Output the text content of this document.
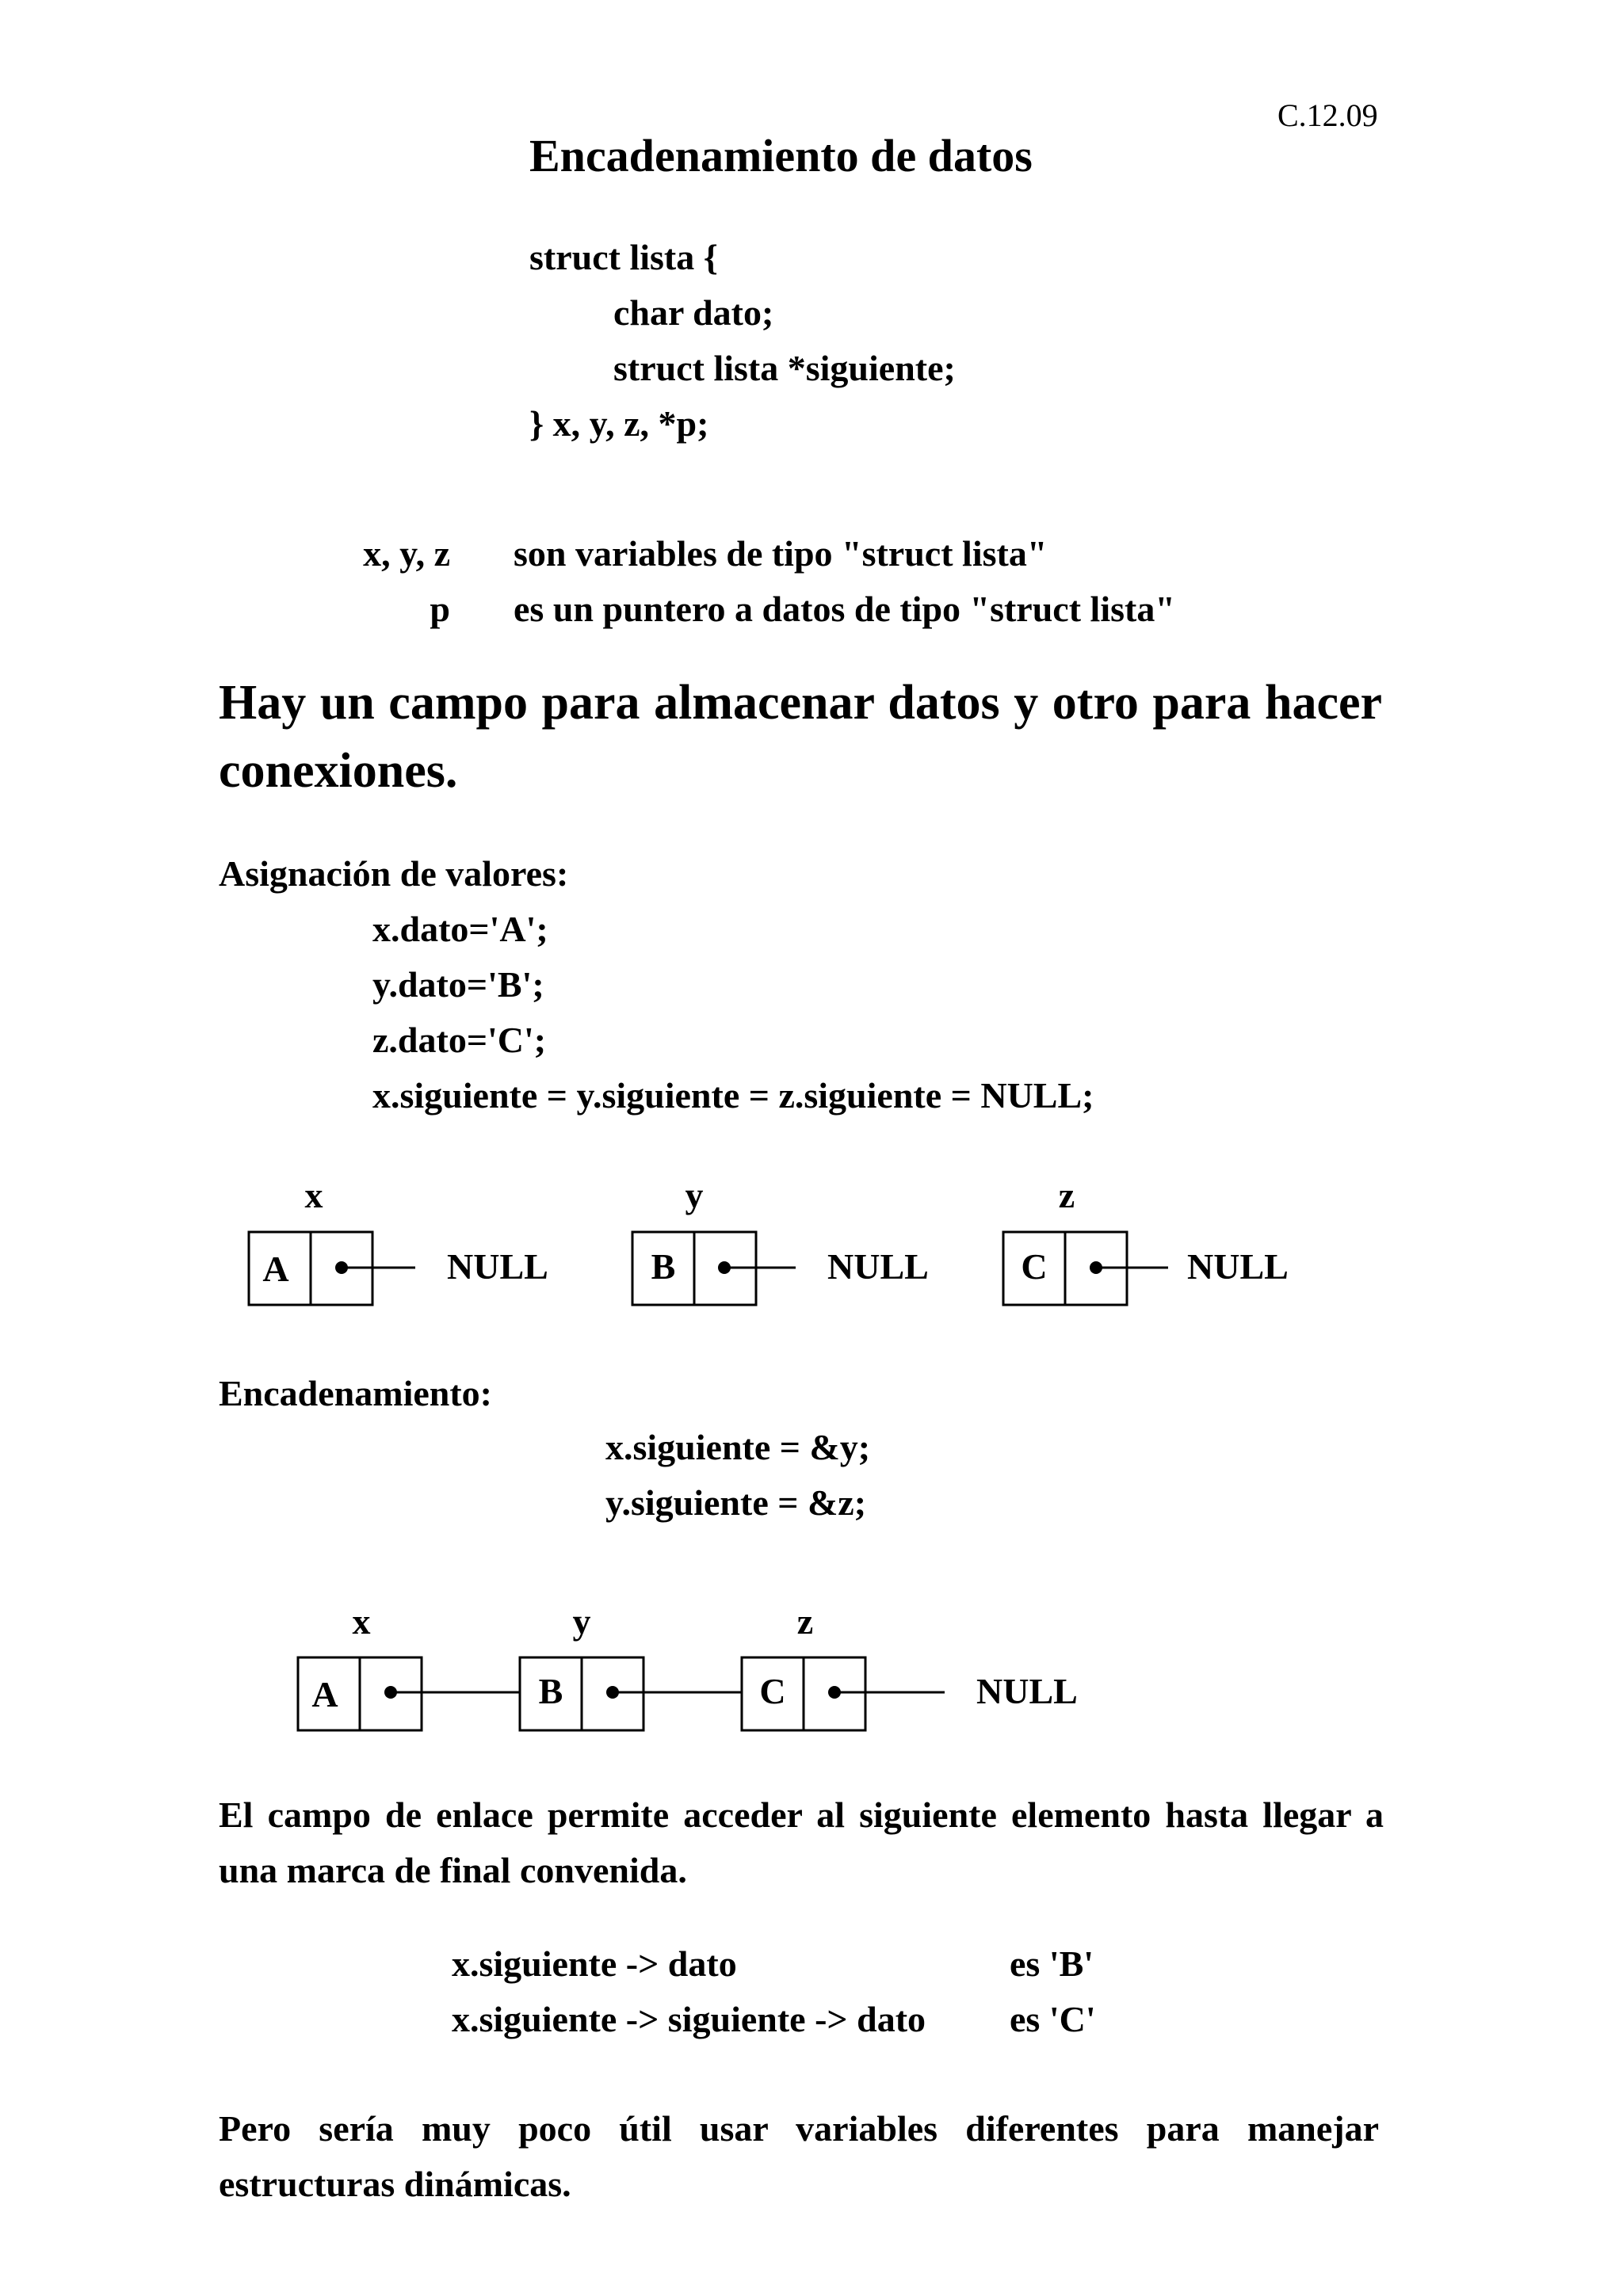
C.12.09
Encadenamiento de datos
struct lista {
char dato;
struct lista *siguiente;
} x, y, z, *p;
x, y, z son variables de tipo "struct lista"
p es un puntero a datos de tipo "struct lista"
Hay un campo para almacenar datos y otro para hacer
conexiones.
Asignación de valores:
x.dato='A';
y.dato='B';
z.dato='C';
x.siguiente = y.siguiente = z.siguiente = NULL;
x
A	NULL
y
B	NULL
z
C	NULL
Encadenamiento:
x.siguiente = &y;
y.siguiente = &z;
x
A
y
B
z
C	NULL
El campo de enlace permite acceder al siguiente elemento hasta llegar a
una marca de final convenida.
x.siguiente -> dato	es 'B'
x.siguiente -> siguiente -> dato es 'C'
Pero sería muy poco útil usar variables diferentes para manejar
estructuras dinámicas.
